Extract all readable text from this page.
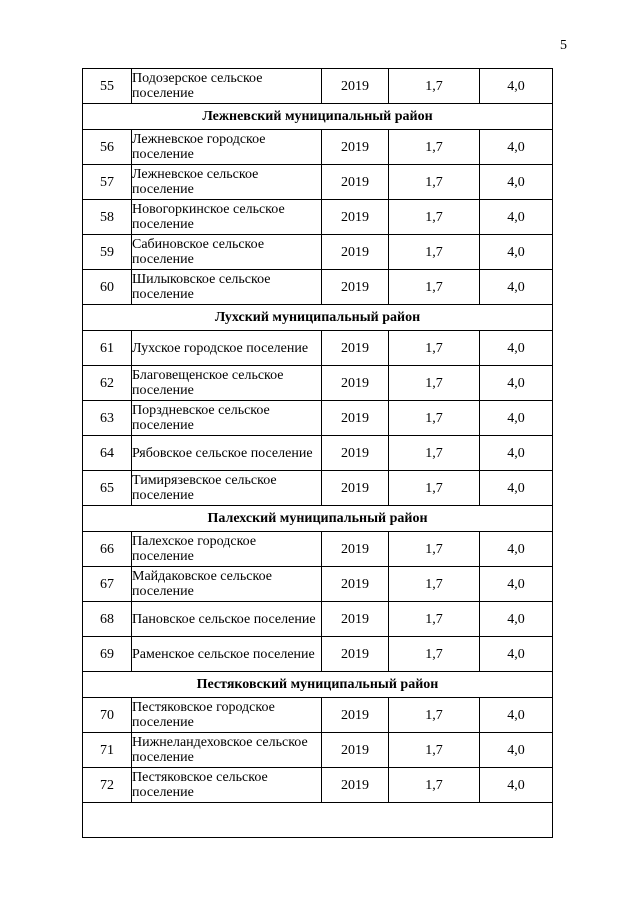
5
55	Подозерское сельское поселение	2019	1,7	4,0
Лежневский муниципальный район				
56	Лежневское городское поселение	2019	1,7	4,0
57	Лежневское сельское поселение	2019	1,7	4,0
58	Новогоркинское сельское поселение	2019	1,7	4,0
59	Сабиновское сельское поселение	2019	1,7	4,0
60	Шилыковское сельское поселение	2019	1,7	4,0
Лухский муниципальный район				
61	Лухское городское поселение	2019	1,7	4,0
62	Благовещенское сельское поселение	2019	1,7	4,0
63	Порздневское сельское поселение	2019	1,7	4,0
64	Рябовское сельское поселение	2019	1,7	4,0
65	Тимирязевское сельское поселение	2019	1,7	4,0
Палехский муниципальный район				
66	Палехское городское поселение	2019	1,7	4,0
67	Майдаковское сельское поселение	2019	1,7	4,0
68	Пановское сельское поселение	2019	1,7	4,0
69	Раменское сельское поселение	2019	1,7	4,0
Пестяковский муниципальный район				
70	Пестяковское городское поселение	2019	1,7	4,0
71	Нижнеландеховское сельское поселение	2019	1,7	4,0
72	Пестяковское сельское поселение	2019	1,7	4,0
